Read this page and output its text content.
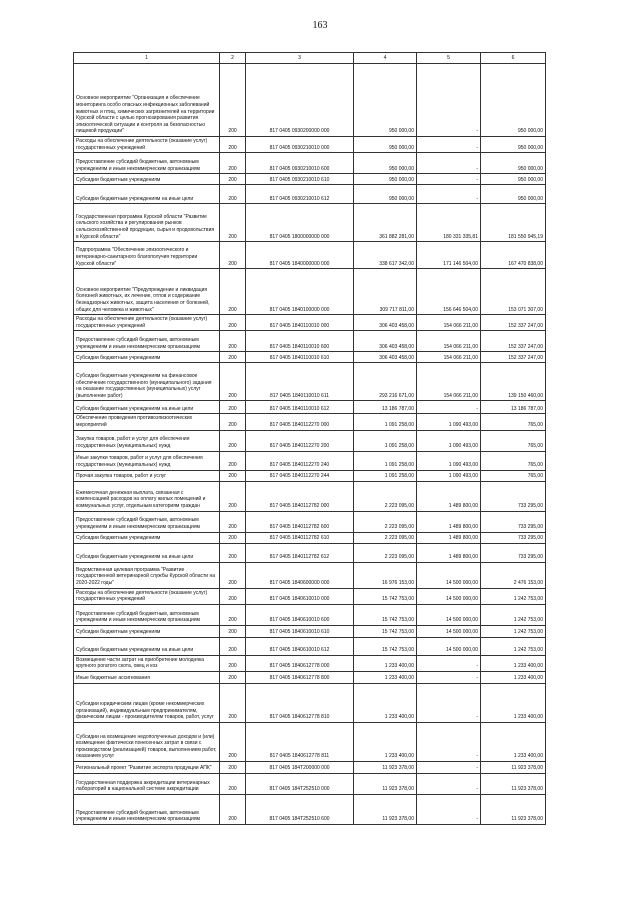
163
1	2	3	4	5	6
Основное мероприятие "Организация и обеспечение мониторинга особо опасных инфекционных заболеваний животных и птиц, химических загрязнителей на территории Курской области с целью прогнозирования развития эпизоотической ситуации и контроля за безопасностью пищевой продукции"	200	817 0405 0930200000 000	950 000,00	-	950 000,00
Расходы на обеспечение деятельности (оказание услуг) государственных учреждений	200	817 0405 0930210010 000	950 000,00	-	950 000,00
Предоставление субсидий бюджетным, автономным учреждениям и иным некоммерческим организациям	200	817 0405 0930210010 600	950 000,00	-	950 000,00
Субсидии бюджетным учреждениям	200	817 0405 0930210010 610	950 000,00	-	950 000,00
Субсидии бюджетным учреждениям на иные цели	200	817 0405 0930210010 612	950 000,00	-	950 000,00
Государственная программа Курской области "Развитие сельского хозяйства и регулирования рынков сельскохозяйственной продукции, сырья и продовольствия в Курской области"	200	817 0405 1800000000 000	361 882 281,00	180 331 335,81	181 550 945,19
Подпрограмма "Обеспечение эпизоотического и ветеринарно-санитарного благополучия территории Курской области"	200	817 0405 1840000000 000	338 617 342,00	171 146 504,00	167 470 838,00
Основное мероприятие "Предупреждение и ликвидация болезней животных, их лечение, отлов и содержание безнадзорных животных, защита населения от болезней, общих для человека и животных"	200	817 0405 1840100000 000	309 717 811,00	156 646 504,00	153 071 307,00
Расходы на обеспечение деятельности (оказание услуг) государственных учреждений	200	817 0405 1840110010 000	306 403 458,00	154 066 211,00	152 337 247,00
Предоставление субсидий бюджетным, автономным учреждениям и иным некоммерческим организациям	200	817 0405 1840110010 600	306 403 458,00	154 066 211,00	152 337 247,00
Субсидии бюджетным учреждениям	200	817 0405 1840110010 610	306 403 458,00	154 066 211,00	152 337 247,00
Субсидии бюджетным учреждениям на финансовое обеспечение государственного (муниципального) задания на оказание государственных (муниципальных) услуг (выполнение работ)	200	817 0405 1840110010 611	293 216 671,00	154 066 211,00	139 150 460,00
Субсидии бюджетным учреждениям на иные цели	200	817 0405 1840110010 612	13 186 787,00	-	13 186 787,00
Обеспечение проведения противоэпизоотических мероприятий	200	817 0405 1840112270 000	1 091 258,00	1 090 493,00	765,00
Закупка товаров, работ и услуг для обеспечения государственных (муниципальных) нужд	200	817 0405 1840112270 200	1 091 258,00	1 090 493,00	765,00
Иные закупки товаров, работ и услуг для обеспечения государственных (муниципальных) нужд	200	817 0405 1840112270 240	1 091 258,00	1 090 493,00	765,00
Прочая закупка товаров, работ и услуг	200	817 0405 1840112270 244	1 091 258,00	1 090 493,00	765,00
Ежемесячная денежная выплата, связанная с компенсацией расходов на оплату жилых помещений и коммунальных услуг, отдельным категориям граждан	200	817 0405 1840112782 000	2 223 095,00	1 489 800,00	733 295,00
Предоставление субсидий бюджетным, автономным учреждениям и иным некоммерческим организациям	200	817 0405 1840112782 600	2 223 095,00	1 489 800,00	733 295,00
Субсидии бюджетным учреждениям	200	817 0405 1840112782 610	2 223 095,00	1 489 800,00	733 295,00
Субсидии бюджетным учреждениям на иные цели	200	817 0405 1840112782 612	2 223 095,00	1 489 800,00	733 295,00
Ведомственная целевая программа "Развитие государственной ветеринарной службы Курской области на 2020-2022 годы"	200	817 0405 1840600000 000	16 976 153,00	14 500 000,00	2 476 153,00
Расходы на обеспечение деятельности (оказание услуг) государственных учреждений	200	817 0405 1840610010 000	15 742 753,00	14 500 000,00	1 242 753,00
Предоставление субсидий бюджетным, автономным учреждениям и иным некоммерческим организациям	200	817 0405 1840610010 600	15 742 753,00	14 500 000,00	1 242 753,00
Субсидии бюджетным учреждениям	200	817 0405 1840610010 610	15 742 753,00	14 500 000,00	1 242 753,00
Субсидии бюджетным учреждениям на иные цели	200	817 0405 1840610010 612	15 742 753,00	14 500 000,00	1 242 753,00
Возмещение части затрат на приобретение молодняка крупного рогатого скота, овец и коз	200	817 0405 1840612778 000	1 233 400,00	-	1 233 400,00
Иные бюджетные ассигнования	200	817 0405 1840612778 800	1 233 400,00	-	1 233 400,00
Субсидии юридическим лицам (кроме некоммерческих организаций), индивидуальным предпринимателям, физическим лицам - производителям товаров, работ, услуг	200	817 0405 1840612778 810	1 233 400,00	-	1 233 400,00
Субсидии на возмещение недополученных доходов и (или) возмещение фактически понесенных затрат в связи с производством (реализацией) товаров, выполнением работ, оказанием услуг	200	817 0405 1840612778 811	1 233 400,00	-	1 233 400,00
Региональный проект "Развитие экспорта продукции АПК"	200	817 0405 184T200000 000	11 923 378,00	-	11 923 378,00
Государственная поддержка аккредитации ветеринарных лабораторий в национальной системе аккредитации	200	817 0405 184T252510 000	11 923 378,00	-	11 923 378,00
Предоставление субсидий бюджетным, автономным учреждениям и иным некоммерческим организациям	200	817 0405 184T252510 600	11 923 378,00	-	11 923 378,00
